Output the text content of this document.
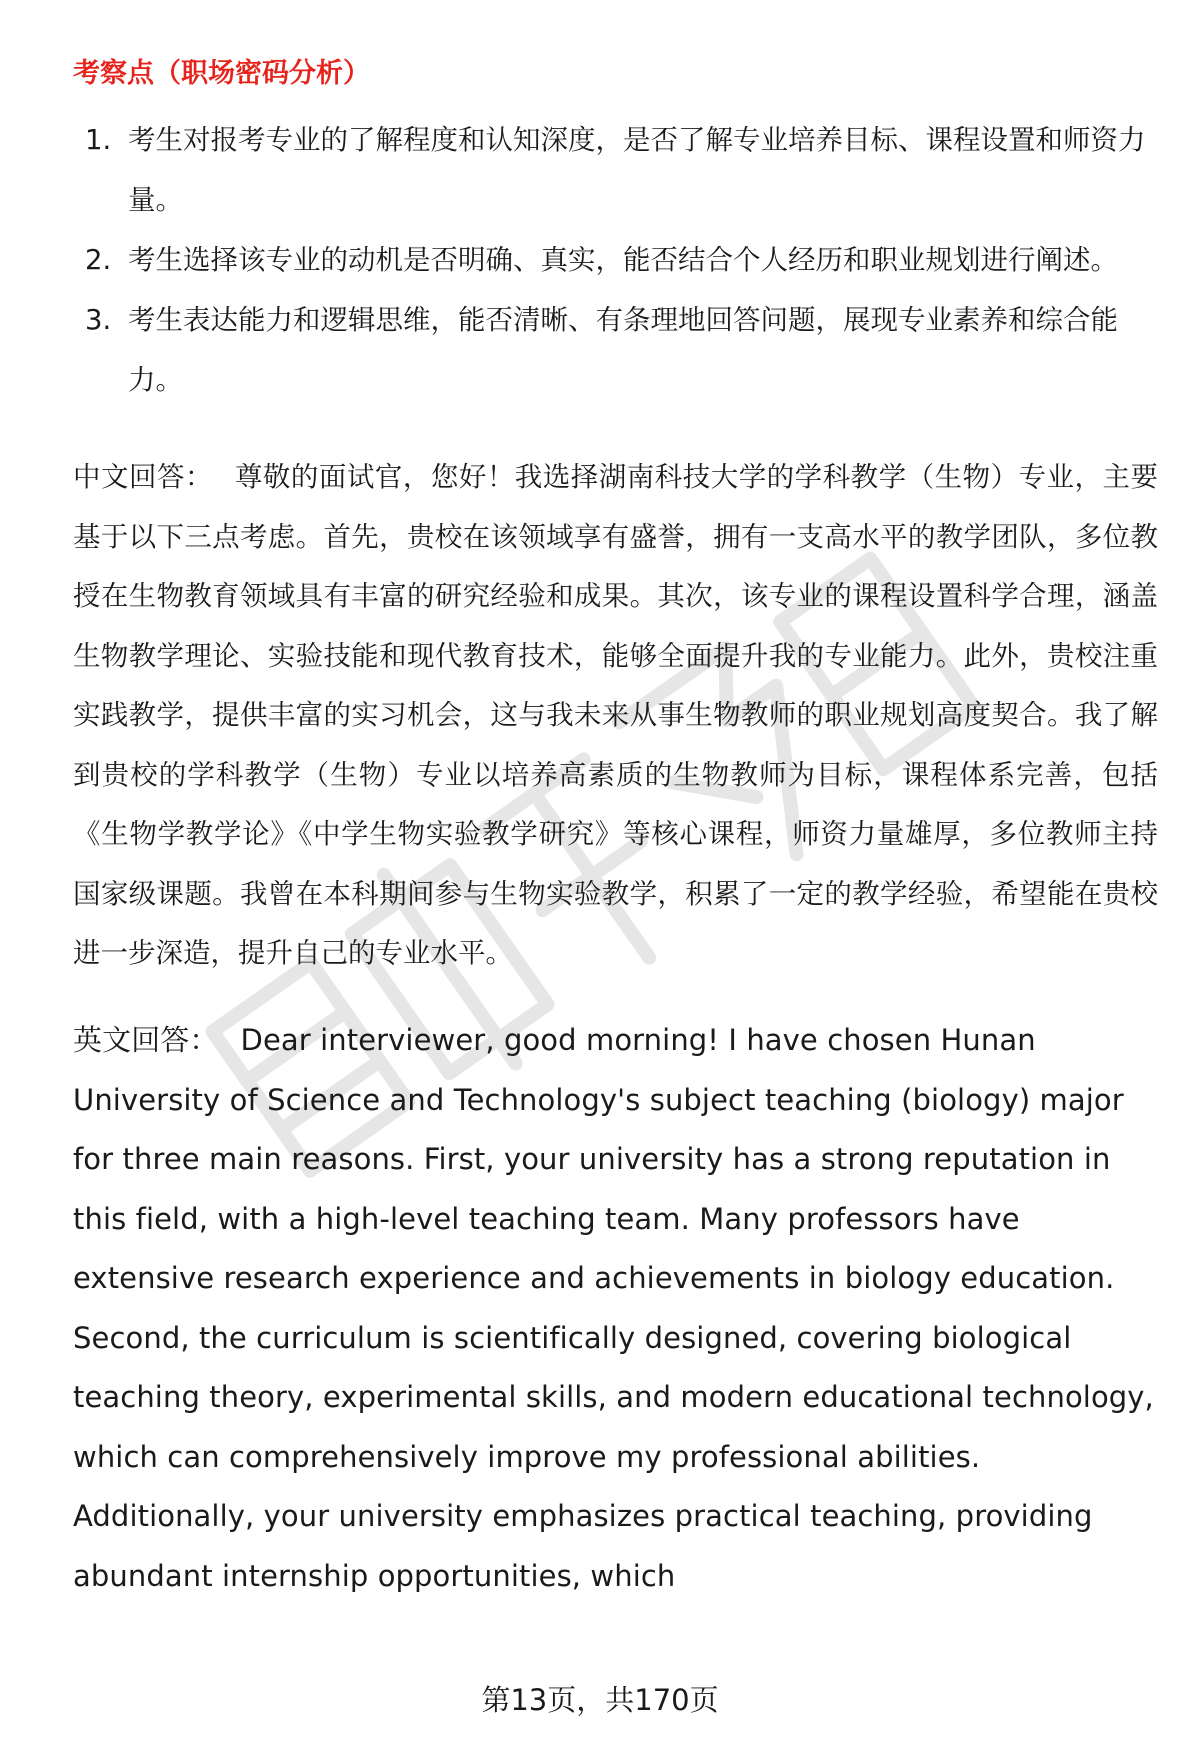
考察点（职场密码分析）
1. 考生对报考专业的了解程度和认知深度，是否了解专业培养目标、课程设置和师资力量。
2. 考生选择该专业的动机是否明确、真实，能否结合个人经历和职业规划进行阐述。
3. 考生表达能力和逻辑思维，能否清晰、有条理地回答问题，展现专业素养和综合能力。

中文回答： 尊敬的面试官，您好！我选择湖南科技大学的学科教学（生物）专业，主要基于以下三点考虑。首先，贵校在该领域享有盛誉，拥有一支高水平的教学团队，多位教授在生物教育领域具有丰富的研究经验和成果。其次，该专业的课程设置科学合理，涵盖生物教学理论、实验技能和现代教育技术，能够全面提升我的专业能力。此外，贵校注重实践教学，提供丰富的实习机会，这与我未来从事生物教师的职业规划高度契合。我了解到贵校的学科教学（生物）专业以培养高素质的生物教师为目标，课程体系完善，包括《生物学教学论》《中学生物实验教学研究》等核心课程，师资力量雄厚，多位教师主持国家级课题。我曾在本科期间参与生物实验教学，积累了一定的教学经验，希望能在贵校进一步深造，提升自己的专业水平。

英文回答： Dear interviewer, good morning! I have chosen Hunan University of Science and Technology's subject teaching (biology) major for three main reasons. First, your university has a strong reputation in this field, with a high-level teaching team. Many professors have extensive research experience and achievements in biology education. Second, the curriculum is scientifically designed, covering biological teaching theory, experimental skills, and modern educational technology, which can comprehensively improve my professional abilities. Additionally, your university emphasizes practical teaching, providing abundant internship opportunities, which

第13页，共170页
